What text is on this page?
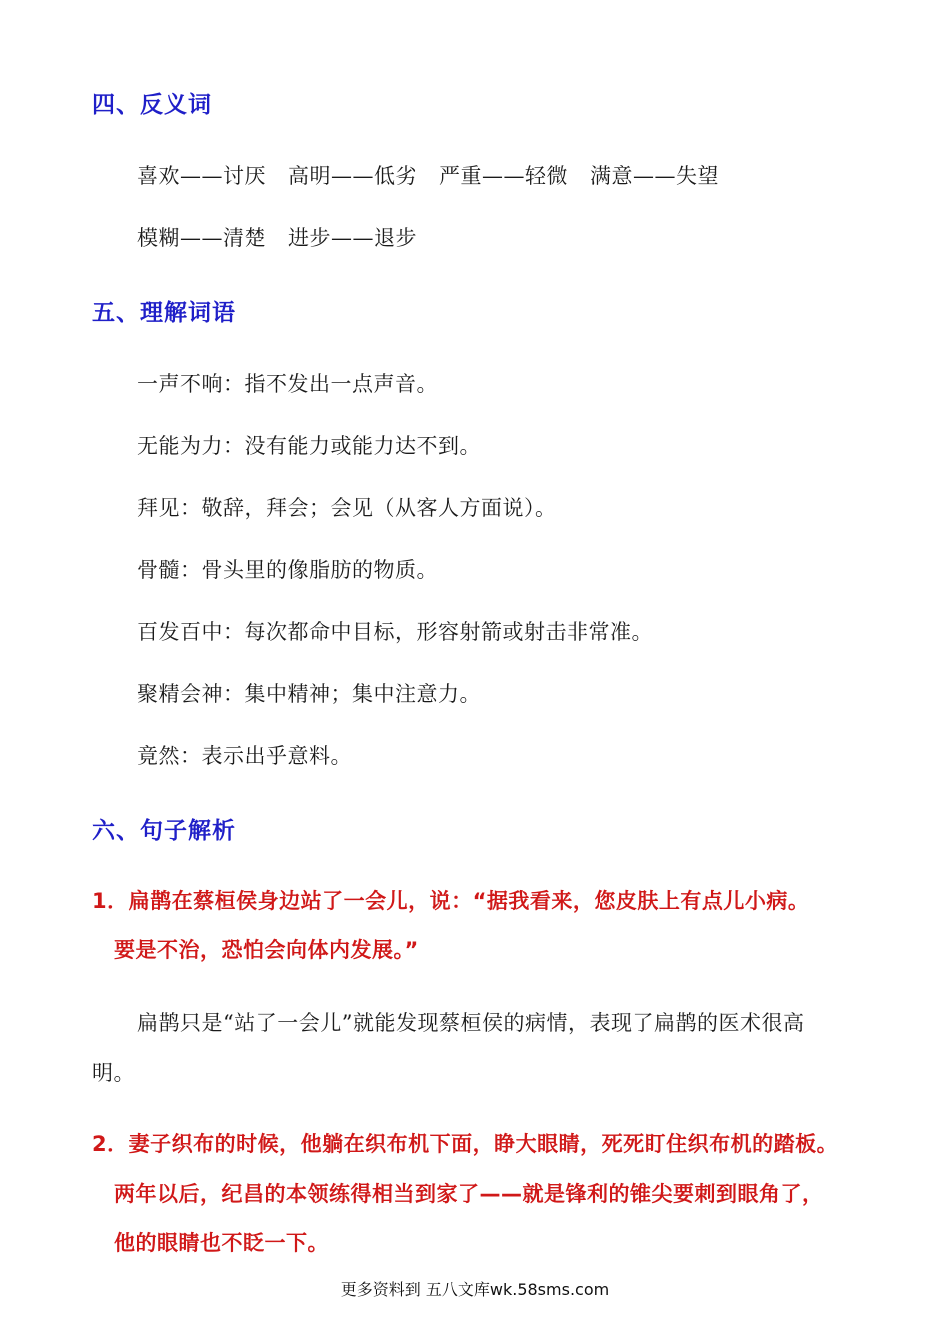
四、反义词
喜欢——讨厌 高明——低劣 严重——轻微 满意——失望
模糊——清楚 进步——退步
五、理解词语
一声不响：指不发出一点声音。
无能为力：没有能力或能力达不到。
拜见：敬辞，拜会；会见（从客人方面说）。
骨髓：骨头里的像脂肪的物质。
百发百中：每次都命中目标，形容射箭或射击非常准。
聚精会神：集中精神；集中注意力。
竟然：表示出乎意料。
六、句子解析
1．扁鹊在蔡桓侯身边站了一会儿，说：“据我看来，您皮肤上有点儿小病。
要是不治，恐怕会向体内发展。”
扁鹊只是“站了一会儿”就能发现蔡桓侯的病情，表现了扁鹊的医术很高
明。
2．妻子织布的时候，他躺在织布机下面，睁大眼睛，死死盯住织布机的踏板。
两年以后，纪昌的本领练得相当到家了——就是锋利的锥尖要刺到眼角了，
他的眼睛也不眨一下。
更多资料到 五八文库wk.58sms.com
